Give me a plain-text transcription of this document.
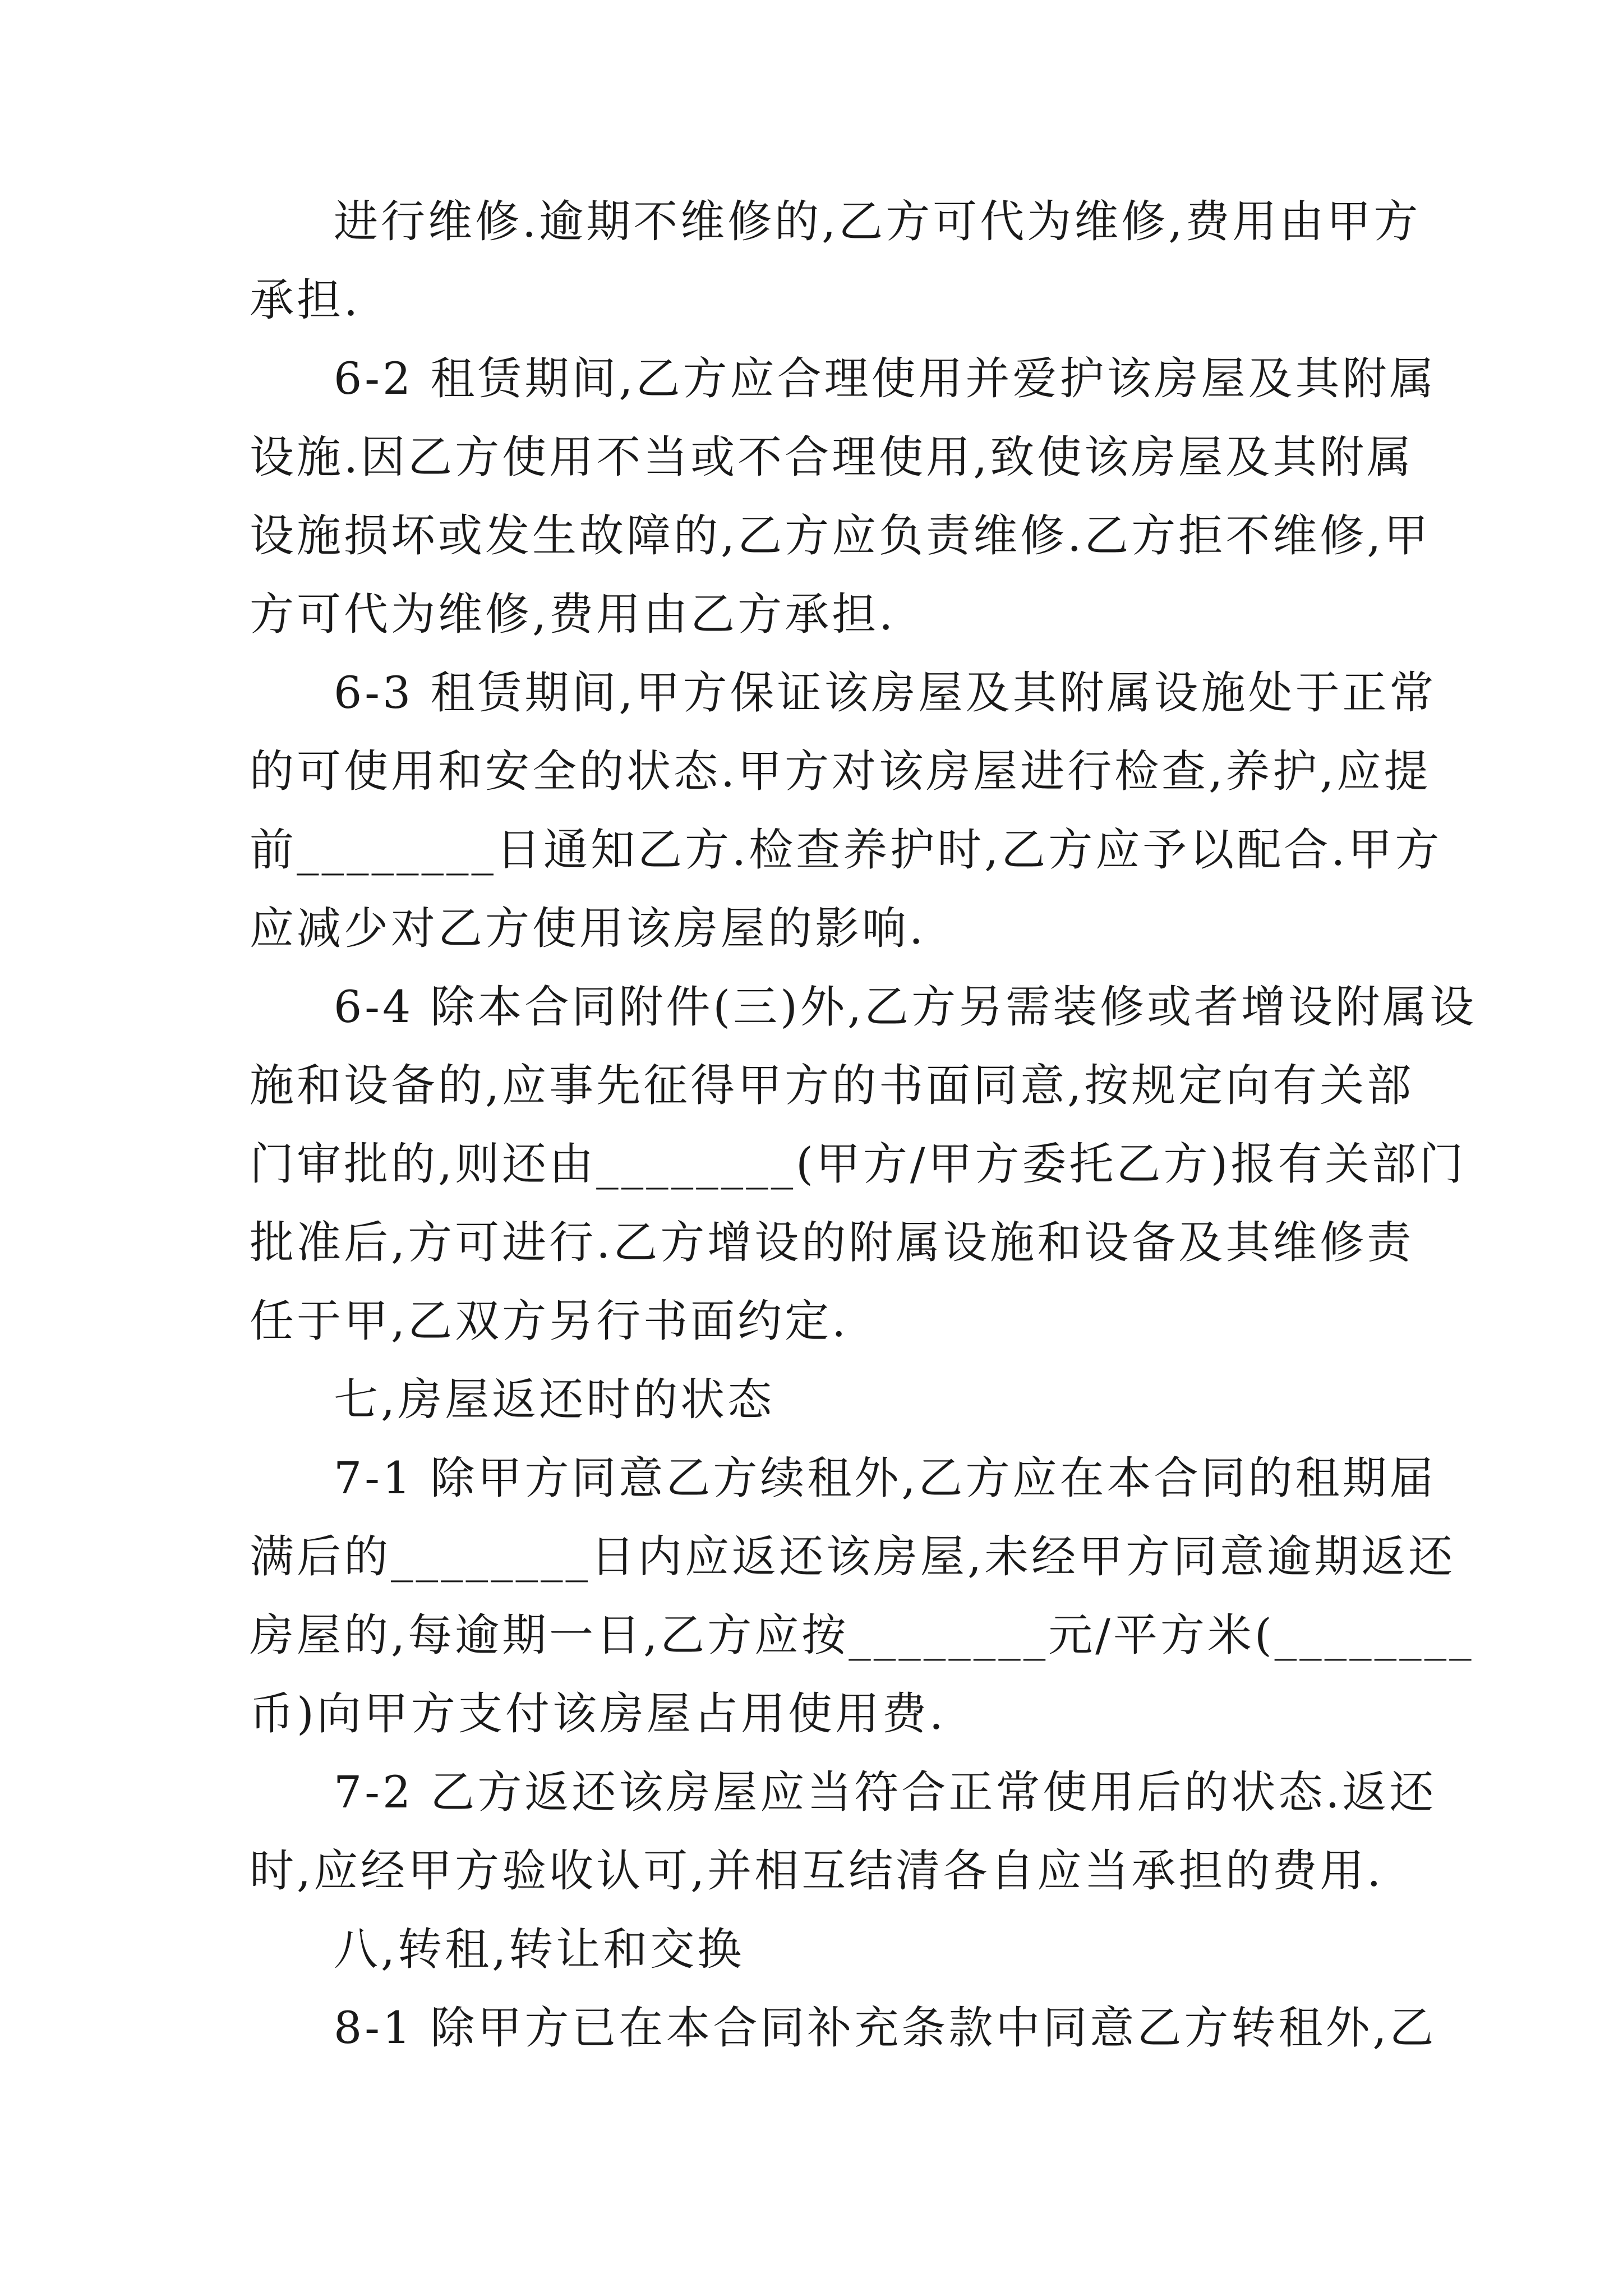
进行维修.逾期不维修的,乙方可代为维修,费用由甲方
承担.
6-2 租赁期间,乙方应合理使用并爱护该房屋及其附属
设施.因乙方使用不当或不合理使用,致使该房屋及其附属
设施损坏或发生故障的,乙方应负责维修.乙方拒不维修,甲
方可代为维修,费用由乙方承担.
6-3 租赁期间,甲方保证该房屋及其附属设施处于正常
的可使用和安全的状态.甲方对该房屋进行检查,养护,应提
前________日通知乙方.检查养护时,乙方应予以配合.甲方
应减少对乙方使用该房屋的影响.
6-4 除本合同附件(三)外,乙方另需装修或者增设附属设
施和设备的,应事先征得甲方的书面同意,按规定向有关部
门审批的,则还由________(甲方/甲方委托乙方)报有关部门
批准后,方可进行.乙方增设的附属设施和设备及其维修责
任于甲,乙双方另行书面约定.
七,房屋返还时的状态
7-1 除甲方同意乙方续租外,乙方应在本合同的租期届
满后的________日内应返还该房屋,未经甲方同意逾期返还
房屋的,每逾期一日,乙方应按________元/平方米(________
币)向甲方支付该房屋占用使用费.
7-2 乙方返还该房屋应当符合正常使用后的状态.返还
时,应经甲方验收认可,并相互结清各自应当承担的费用.
八,转租,转让和交换
8-1 除甲方已在本合同补充条款中同意乙方转租外,乙
